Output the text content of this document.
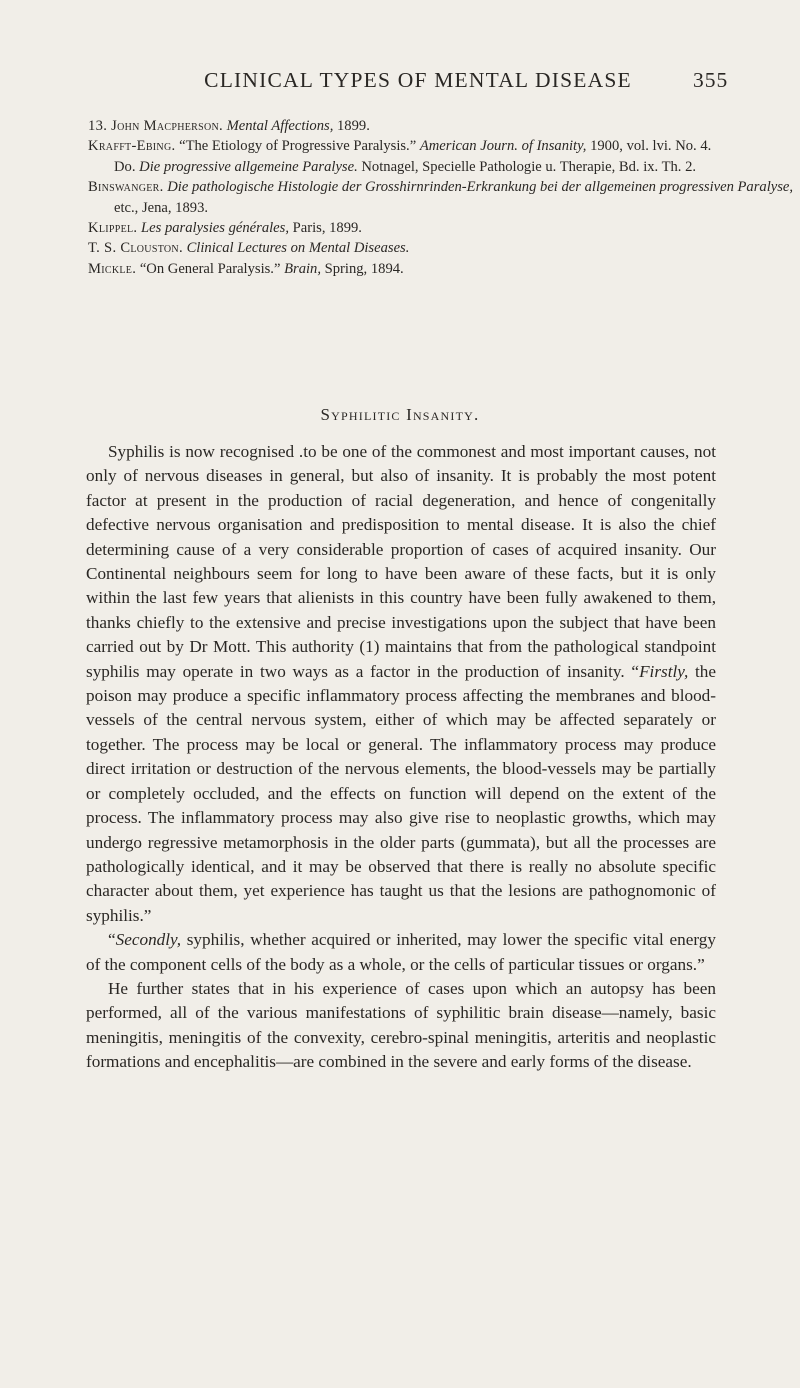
CLINICAL TYPES OF MENTAL DISEASE	355

13. John Macpherson. Mental Affections, 1899.

Krafft-Ebing. “The Etiology of Progressive Paralysis.” American Journ. of Insanity, 1900, vol. lvi. No. 4.

Do. Die progressive allgemeine Paralyse. Notnagel, Specielle Pathologie u. Therapie, Bd. ix. Th. 2.

Binswanger. Die pathologische Histologie der Grosshirnrinden-Erkrankung bei der allgemeinen progressiven Paralyse, etc., Jena, 1893.

Klippel. Les paralysies générales, Paris, 1899.

T. S. Clouston. Clinical Lectures on Mental Diseases.

Mickle. “On General Paralysis.” Brain, Spring, 1894.

Syphilitic Insanity.

Syphilis is now recognised .to be one of the commonest and most important causes, not only of nervous diseases in general, but also of insanity. It is probably the most potent factor at present in the production of racial degeneration, and hence of congenitally defective nervous organisation and predisposition to mental disease. It is also the chief determining cause of a very considerable proportion of cases of acquired insanity. Our Continental neighbours seem for long to have been aware of these facts, but it is only within the last few years that alienists in this country have been fully awakened to them, thanks chiefly to the extensive and precise investigations upon the subject that have been carried out by Dr Mott. This authority (1) maintains that from the pathological standpoint syphilis may operate in two ways as a factor in the production of insanity. “Firstly, the poison may produce a specific inflammatory process affecting the membranes and blood-vessels of the central nervous system, either of which may be affected separately or together. The process may be local or general. The inflammatory process may produce direct irritation or destruction of the nervous elements, the blood-vessels may be partially or completely occluded, and the effects on function will depend on the extent of the process. The inflammatory process may also give rise to neoplastic growths, which may undergo regressive metamorphosis in the older parts (gummata), but all the processes are pathologically identical, and it may be observed that there is really no absolute specific character about them, yet experience has taught us that the lesions are pathognomonic of syphilis.”

“Secondly, syphilis, whether acquired or inherited, may lower the specific vital energy of the component cells of the body as a whole, or the cells of particular tissues or organs.”

He further states that in his experience of cases upon which an autopsy has been performed, all of the various manifestations of syphilitic brain disease—namely, basic meningitis, meningitis of the convexity, cerebro-spinal meningitis, arteritis and neoplastic formations and encephalitis—are combined in the severe and early forms of the disease.
